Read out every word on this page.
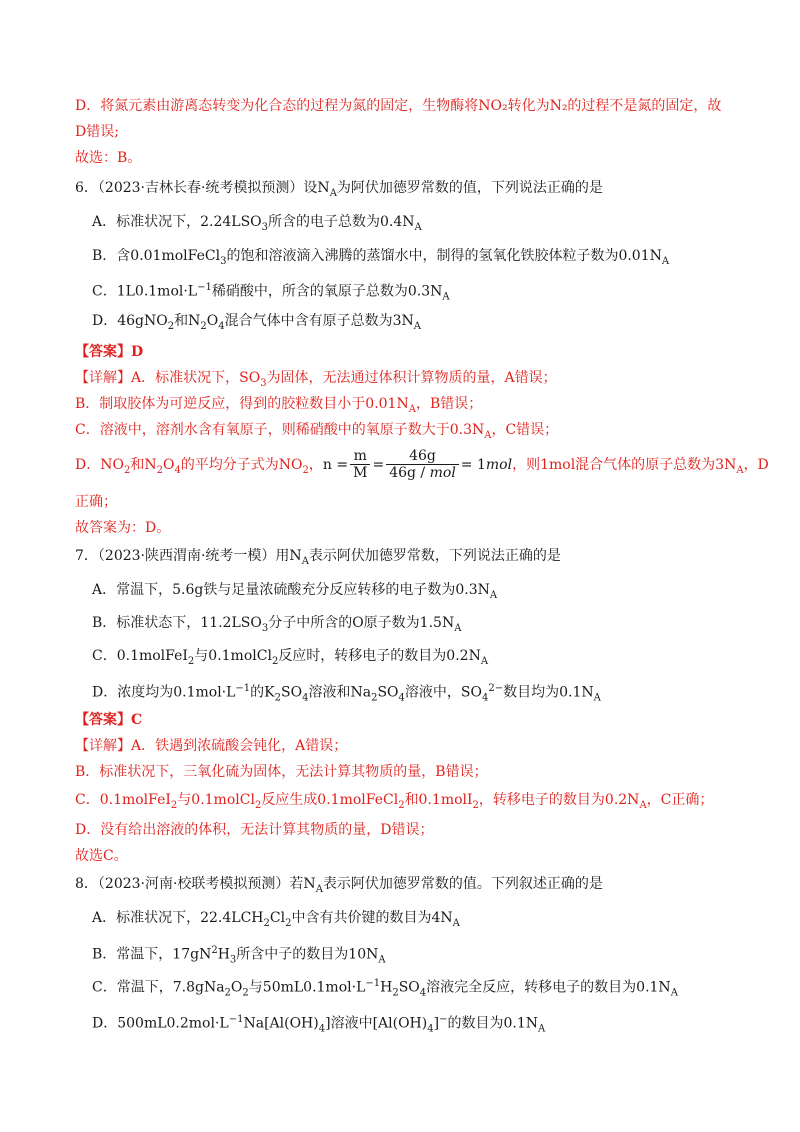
D．将氮元素由游离态转变为化合态的过程为氮的固定，生物酶将NO₂转化为N₂的过程不是氮的固定，故
D错误;
故选：B。
6．（2023·吉林长春·统考模拟预测）设$N_A$为阿伏加德罗常数的值，下列说法正确的是
A．标准状况下，$2.24LSO_3$所含的电子总数为$0.4N_A$
B．含0.01molFeCl$_3$的饱和溶液滴入沸腾的蒸馏水中，制得的氢氧化铁胶体粒子数为$0.01N_A$
C．$1L0.1mol\cdot L^{-1}$稀硝酸中，所含的氧原子总数为$0.3N_A$
D．46gNO$_2$和$N_2O_4$混合气体中含有原子总数为$3N_A$
【答案】D
【详解】A．标准状况下，$SO_3$为固体，无法通过体积计算物质的量，A错误；
B．制取胶体为可逆反应，得到的胶粒数目小于$0.01N_A$，B错误；
C．溶液中，溶剂水含有氧原子，则稀硝酸中的氧原子数大于$0.3N_A$，C错误；
D．$NO_2$和$N_2O_4$的平均分子式为$NO_2$，$n = \frac{m}{M} = \frac{46g}{\text{46g / mol}} = 1mol$，则1mol混合气体的原子总数为$3N_A$，D
正确；
故答案为：D。
7．（2023·陕西渭南·统考一模）用$N_A$表示阿伏加德罗常数，下列说法正确的是
A．常温下，5.6g铁与足量浓硫酸充分反应转移的电子数为$0.3N_A$
B．标准状态下，$11.2LSO_3$分子中所含的O原子数为$1.5N_A$
C．0.1molFeI$_2$与0.1molCl$_2$反应时，转移电子的数目为$0.2N_A$
D．浓度均为$0.1mol\cdot L^{-1}$的$K_2SO_4$溶液和$Na_2SO_4$溶液中，$SO_4^{2-}$数目均为$0.1N_A$
【答案】C
【详解】A．铁遇到浓硫酸会钝化，A错误；
B．标准状况下，三氧化硫为固体，无法计算其物质的量，B错误；
C．0.1molFeI$_2$与0.1molCl$_2$反应生成0.1molFeCl$_2$和0.1molI$_2$，转移电子的数目为$0.2N_A$，C正确；
D．没有给出溶液的体积，无法计算其物质的量，D错误；
故选C。
8．（2023·河南·校联考模拟预测）若$N_A$表示阿伏加德罗常数的值。下列叙述正确的是
A．标准状况下，$22.4LCH_2Cl_2$中含有共价键的数目为$4N_A$
B．常温下，$17gN^2H_3$所含中子的数目为$10N_A$
C．常温下，$7.8gNa_2O_2$与$50mL0.1mol\cdot L^{-1}H_2SO_4$溶液完全反应，转移电子的数目为$0.1N_A$
D．$500mL0.2mol\cdot L^{-1}Na[Al(OH)_4]$溶液中$[Al(OH)_4]^-$的数目为$0.1N_A$
